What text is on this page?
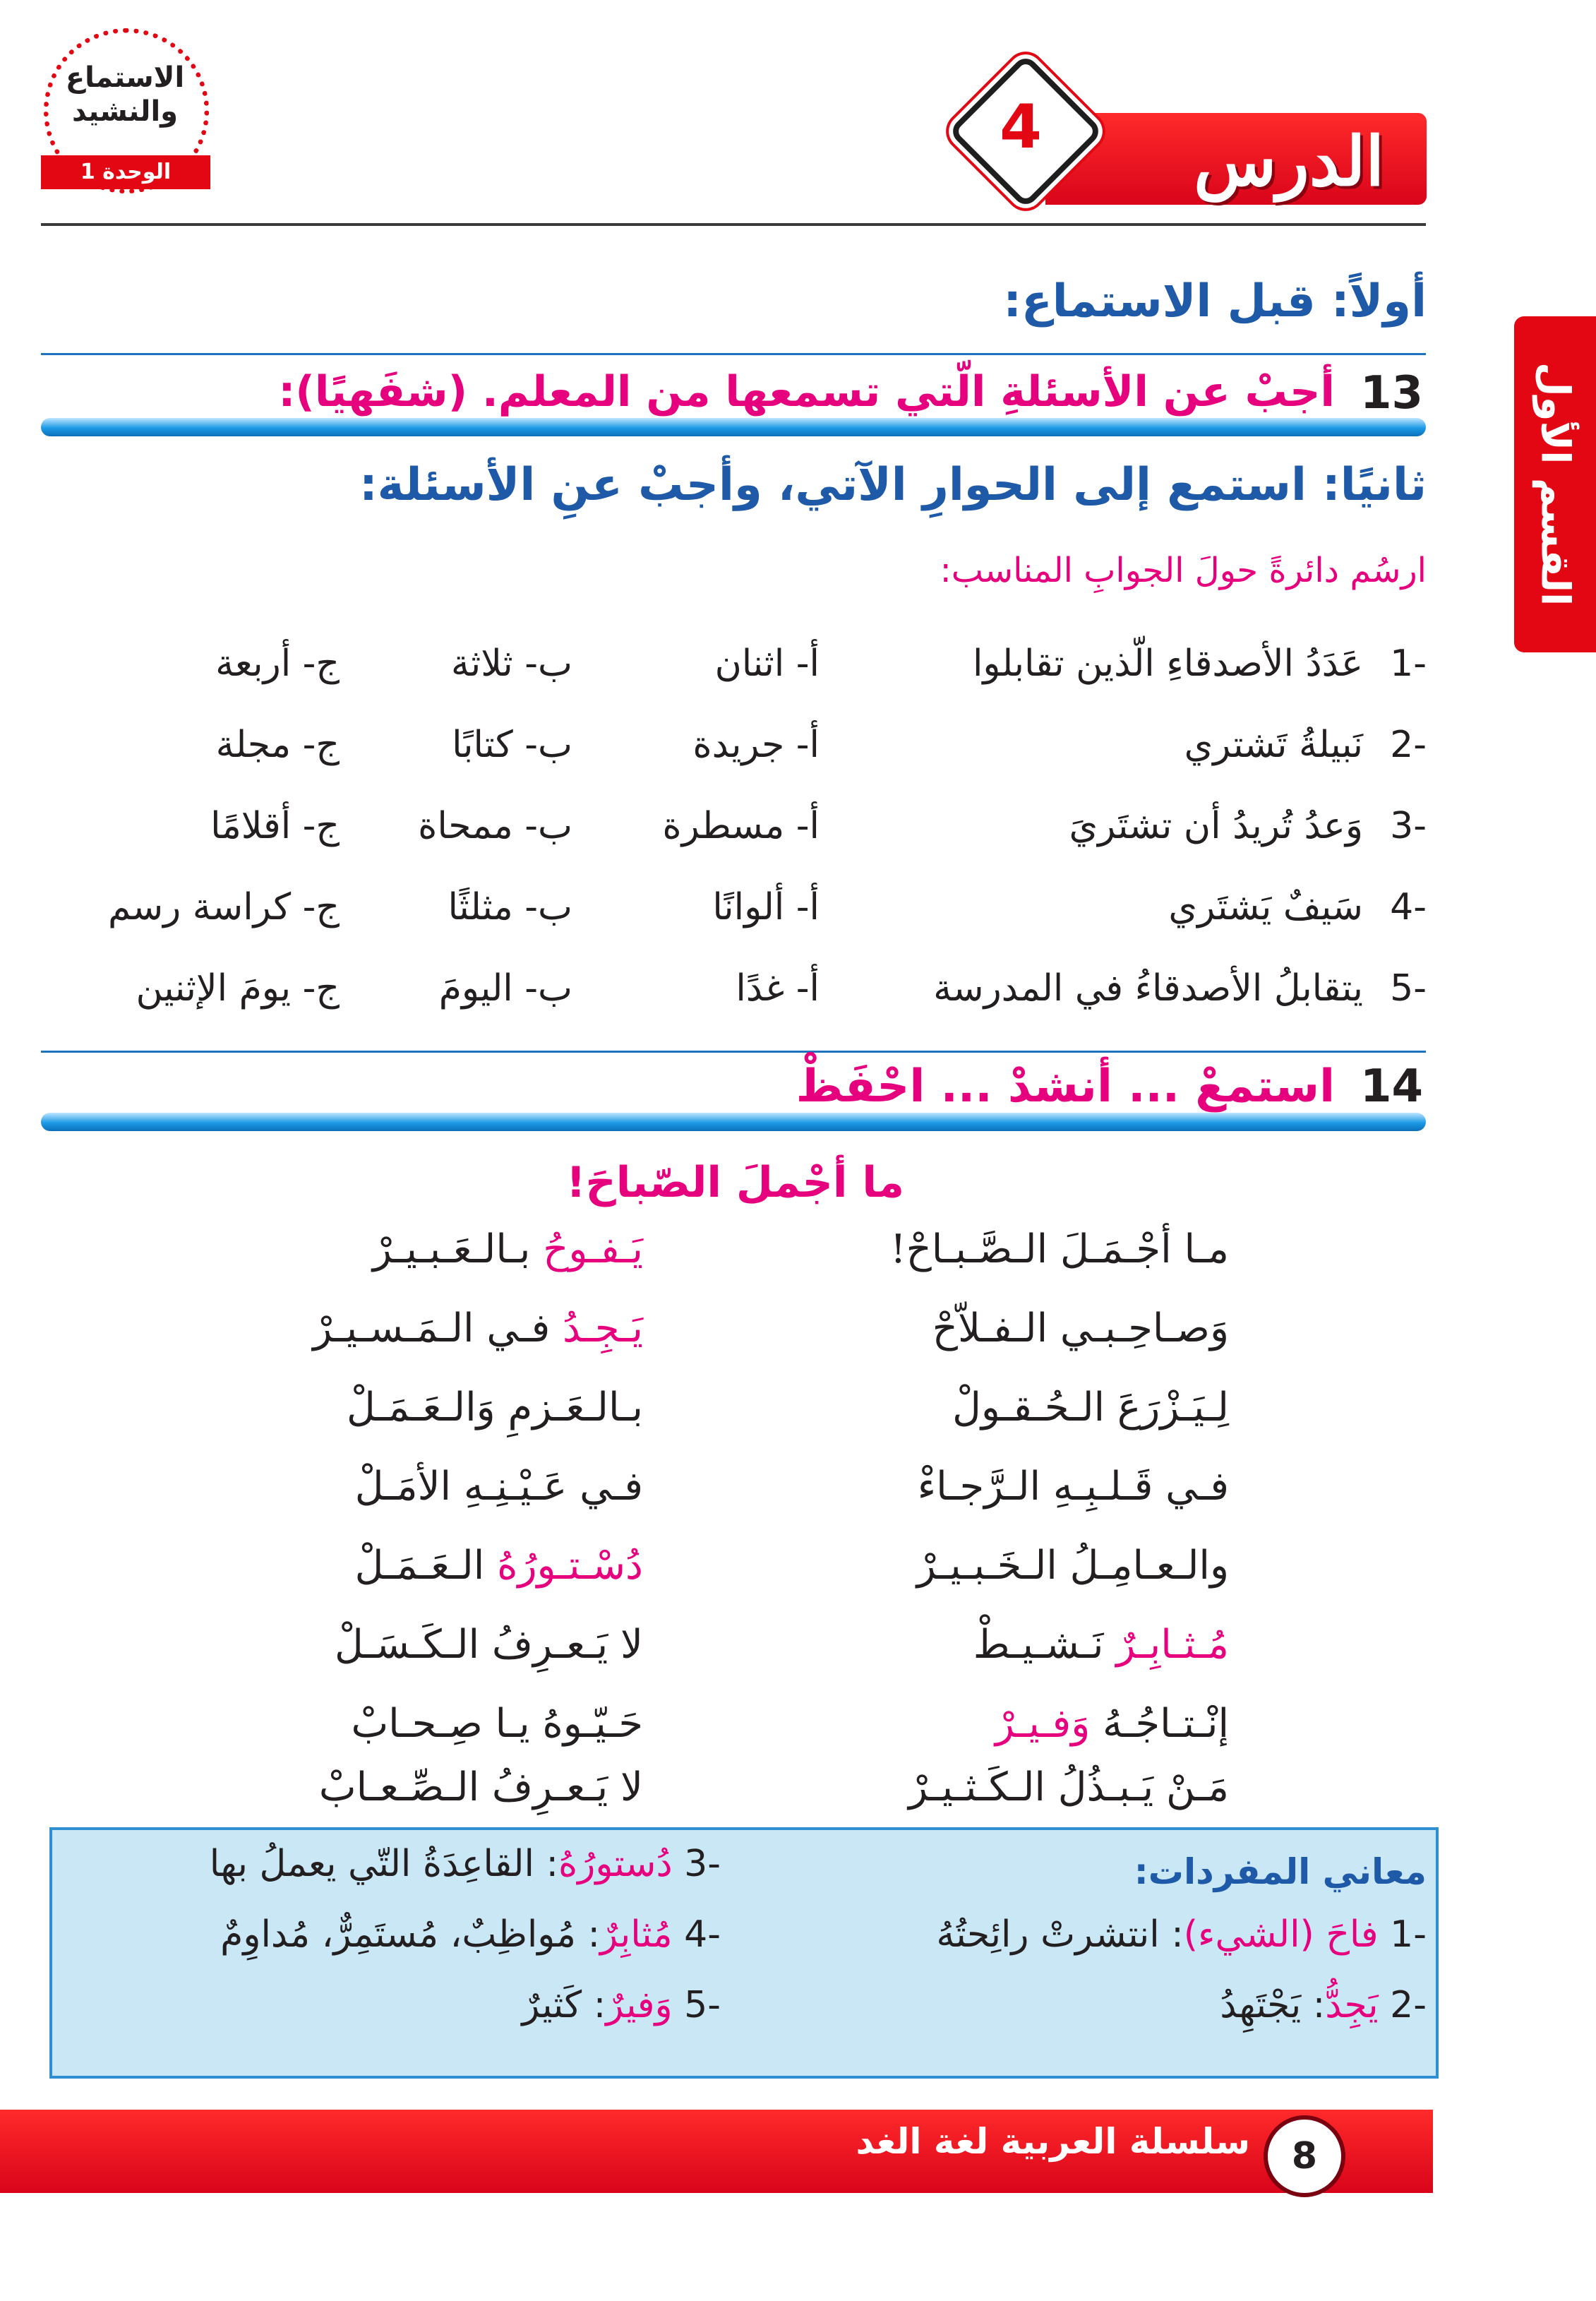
الدرس
4
الاستماع والنشيد
الوحدة 1
القسم الأول
أولاً: قبل الاستماع:
13
أجبْ عن الأسئلةِ الّتي تسمعها من المعلم. (شفَهيًا):
ثانيًا: استمع إلى الحوارِ الآتي، وأجبْ عنِ الأسئلة:
ارسُم دائرةً حولَ الجوابِ المناسب:
-1
عَدَدُ الأصدقاءِ الّذين تقابلوا
أ- اثنان
ب- ثلاثة
ج- أربعة
-2
نَبيلةُ تَشتري
أ- جريدة
ب- كتابًا
ج- مجلة
-3
وَعدُ تُريدُ أن تشتَريَ
أ- مسطرة
ب- ممحاة
ج- أقلامًا
-4
سَيفٌ يَشتَري
أ- ألوانًا
ب- مثلثًا
ج- كراسة رسم
-5
يتقابلُ الأصدقاءُ في المدرسة
أ- غدًا
ب- اليومَ
ج- يومَ الإثنين
14
استمعْ ... أنشدْ ... احْفَظْ
ما أجْملَ الصّباحَ!
مـا أجْـمَـلَ الـصَّـبـاحْ!
يَـفـوحُ بـالـعَـبـيـرْ
وَصـاحِـبـي الـفـلاّحْ
يَـجِـدُ فـي الـمَـسـيـرْ
لِـيَـزْرَعَ الـحُـقـولْ
بـالـعَـزمِ وَالـعَـمَـلْ
فـي قَـلـبِـهِ الـرَّجـاءْ
فـي عَـيْـنِـهِ الأمَـلْ
والـعـامِـلُ الـخَـبـيـرْ
دُسْـتـورُهُ الـعَـمَـلْ
مُـثـابِـرٌ نَـشـيـطْ
لا يَـعـرِفُ الـكَـسَـلْ
إنْـتـاجُـهُ وَفـيـرْ
حَـيّـوهُ يـا صِـحـابْ
مَـنْ يَـبـذُلُ الـكَـثـيـرْ
لا يَـعـرِفُ الـصِّـعـابْ
معاني المفردات:
-1 فاحَ (الشيء): انتشرتْ رائِحتُهُ
-2 يَجِدُّ: يَجْتَهِدُ
-3 دُستورُهُ: القاعِدَةُ التّي يعملُ بها
-4 مُثابِرٌ: مُواظِبٌ، مُستَمِرٌّ، مُداوِمٌ
-5 وَفيرٌ: كَثيرٌ
سلسلة العربية لغة الغد	8
